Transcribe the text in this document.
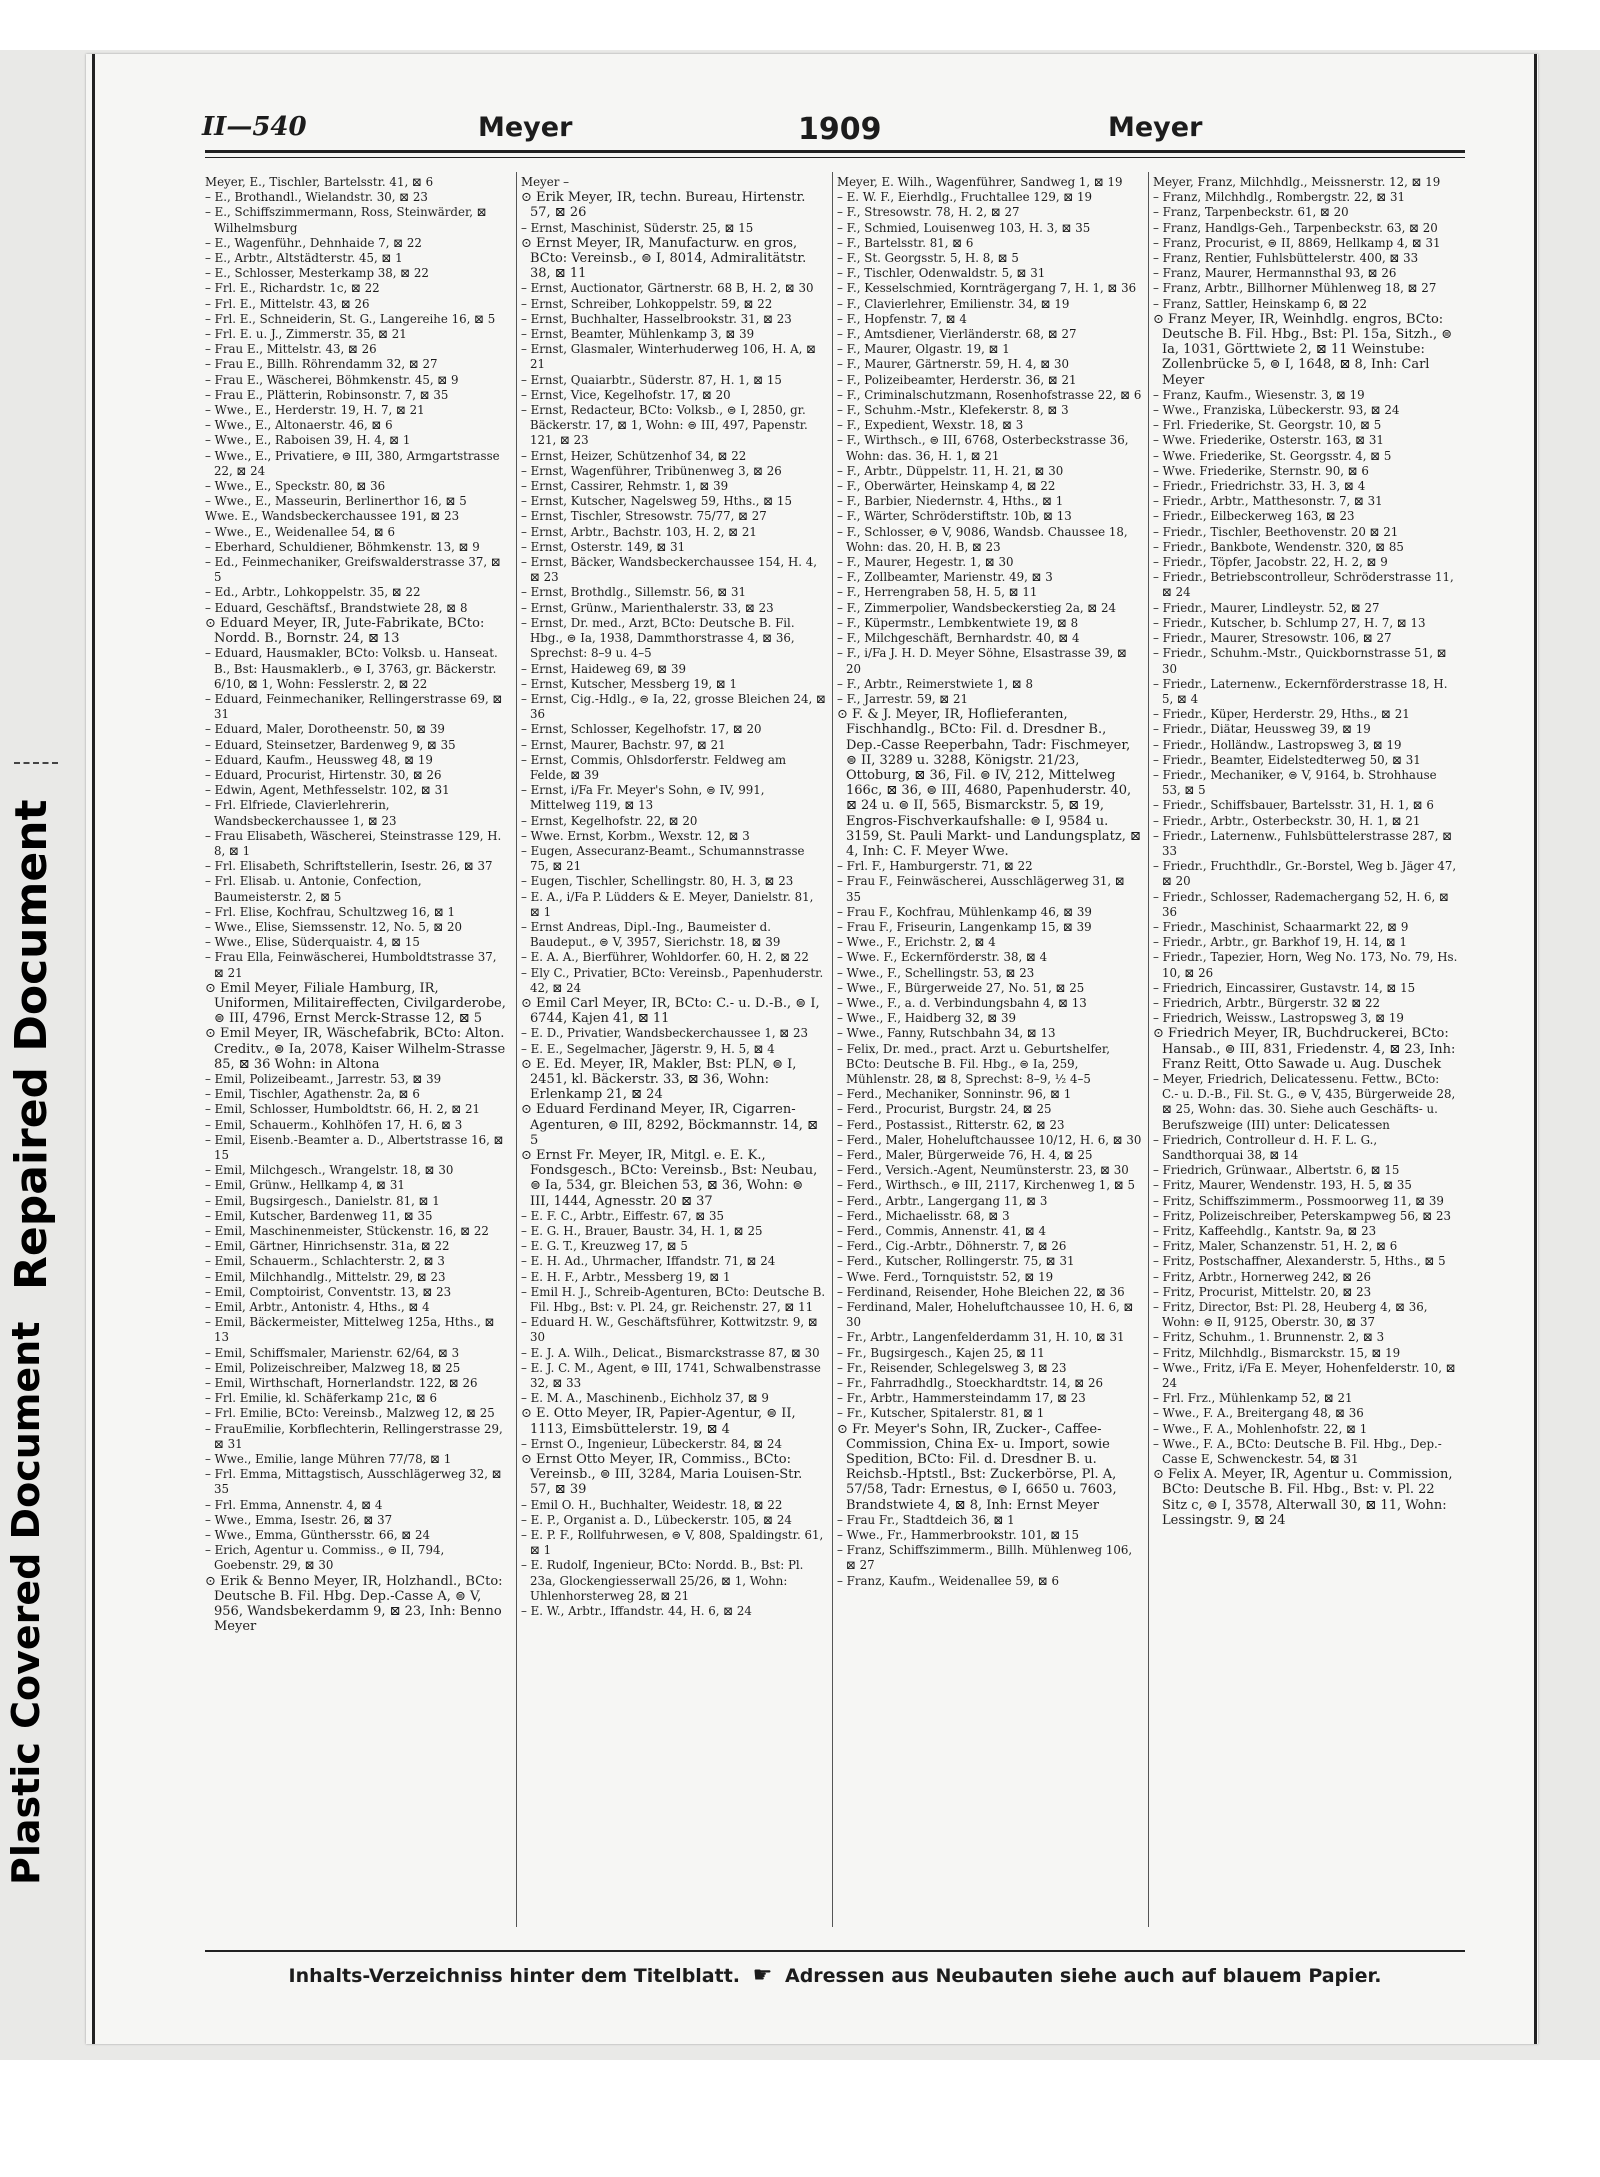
Plastic Covered Document
Repaired Document
II—540	Meyer	1909	Meyer

Meyer, E., Tischler, Bartelsstr. 41, ⊠ 6

– E., Brothandl., Wielandstr. 30, ⊠ 23

– E., Schiffszimmermann, Ross, Steinwärder, ⊠ Wilhelmsburg

– E., Wagenführ., Dehnhaide 7, ⊠ 22

– E., Arbtr., Altstädterstr. 45, ⊠ 1

– E., Schlosser, Mesterkamp 38, ⊠ 22

– Frl. E., Richardstr. 1c, ⊠ 22

– Frl. E., Mittelstr. 43, ⊠ 26

– Frl. E., Schneiderin, St. G., Langereihe 16, ⊠ 5

– Frl. E. u. J., Zimmerstr. 35, ⊠ 21

– Frau E., Mittelstr. 43, ⊠ 26

– Frau E., Billh. Röhrendamm 32, ⊠ 27

– Frau E., Wäscherei, Böhmkenstr. 45, ⊠ 9

– Frau E., Plätterin, Robinsonstr. 7, ⊠ 35

– Wwe., E., Herderstr. 19, H. 7, ⊠ 21

– Wwe., E., Altonaerstr. 46, ⊠ 6

– Wwe., E., Raboisen 39, H. 4, ⊠ 1

– Wwe., E., Privatiere, ⊜ III, 380, Armgartstrasse 22, ⊠ 24

– Wwe., E., Speckstr. 80, ⊠ 36

– Wwe., E., Masseurin, Berlinerthor 16, ⊠ 5

Wwe. E., Wandsbeckerchaussee 191, ⊠ 23

– Wwe., E., Weidenallee 54, ⊠ 6

– Eberhard, Schuldiener, Böhmkenstr. 13, ⊠ 9

– Ed., Feinmechaniker, Greifswalderstrasse 37, ⊠ 5

– Ed., Arbtr., Lohkoppelstr. 35, ⊠ 22

– Eduard, Geschäftsf., Brandstwiete 28, ⊠ 8

⊙ Eduard Meyer, IR, Jute-Fabrikate, BCto: Nordd. B., Bornstr. 24, ⊠ 13

– Eduard, Hausmakler, BCto: Volksb. u. Hanseat. B., Bst: Hausmaklerb., ⊜ I, 3763, gr. Bäckerstr. 6/10, ⊠ 1, Wohn: Fesslerstr. 2, ⊠ 22

– Eduard, Feinmechaniker, Rellingerstrasse 69, ⊠ 31

– Eduard, Maler, Dorotheenstr. 50, ⊠ 39

– Eduard, Steinsetzer, Bardenweg 9, ⊠ 35

– Eduard, Kaufm., Heussweg 48, ⊠ 19

– Eduard, Procurist, Hirtenstr. 30, ⊠ 26

– Edwin, Agent, Methfesselstr. 102, ⊠ 31

– Frl. Elfriede, Clavierlehrerin, Wandsbeckerchaussee 1, ⊠ 23

– Frau Elisabeth, Wäscherei, Steinstrasse 129, H. 8, ⊠ 1

– Frl. Elisabeth, Schriftstellerin, Isestr. 26, ⊠ 37

– Frl. Elisab. u. Antonie, Confection, Baumeisterstr. 2, ⊠ 5

– Frl. Elise, Kochfrau, Schultzweg 16, ⊠ 1

– Wwe., Elise, Siemssenstr. 12, No. 5, ⊠ 20

– Wwe., Elise, Süderquaistr. 4, ⊠ 15

– Frau Ella, Feinwäscherei, Humboldtstrasse 37, ⊠ 21

⊙ Emil Meyer, Filiale Hamburg, IR, Uniformen, Militaireffecten, Civilgarderobe, ⊜ III, 4796, Ernst Merck-Strasse 12, ⊠ 5

⊙ Emil Meyer, IR, Wäschefabrik, BCto: Alton. Creditv., ⊜ Ia, 2078, Kaiser Wilhelm-Strasse 85, ⊠ 36 Wohn: in Altona

– Emil, Polizeibeamt., Jarrestr. 53, ⊠ 39

– Emil, Tischler, Agathenstr. 2a, ⊠ 6

– Emil, Schlosser, Humboldtstr. 66, H. 2, ⊠ 21

– Emil, Schauerm., Kohlhöfen 17, H. 6, ⊠ 3

– Emil, Eisenb.-Beamter a. D., Albertstrasse 16, ⊠ 15

– Emil, Milchgesch., Wrangelstr. 18, ⊠ 30

– Emil, Grünw., Hellkamp 4, ⊠ 31

– Emil, Bugsirgesch., Danielstr. 81, ⊠ 1

– Emil, Kutscher, Bardenweg 11, ⊠ 35

– Emil, Maschinenmeister, Stückenstr. 16, ⊠ 22

– Emil, Gärtner, Hinrichsenstr. 31a, ⊠ 22

– Emil, Schauerm., Schlachterstr. 2, ⊠ 3

– Emil, Milchhandlg., Mittelstr. 29, ⊠ 23

– Emil, Comptoirist, Conventstr. 13, ⊠ 23

– Emil, Arbtr., Antonistr. 4, Hths., ⊠ 4

– Emil, Bäckermeister, Mittelweg 125a, Hths., ⊠ 13

– Emil, Schiffsmaler, Marienstr. 62/64, ⊠ 3

– Emil, Polizeischreiber, Malzweg 18, ⊠ 25

– Emil, Wirthschaft, Hornerlandstr. 122, ⊠ 26

– Frl. Emilie, kl. Schäferkamp 21c, ⊠ 6

– Frl. Emilie, BCto: Vereinsb., Malzweg 12, ⊠ 25

– FrauEmilie, Korbflechterin, Rellingerstrasse 29, ⊠ 31

– Wwe., Emilie, lange Mühren 77/78, ⊠ 1

– Frl. Emma, Mittagstisch, Ausschlägerweg 32, ⊠ 35

– Frl. Emma, Annenstr. 4, ⊠ 4

– Wwe., Emma, Isestr. 26, ⊠ 37

– Wwe., Emma, Günthersstr. 66, ⊠ 24

– Erich, Agentur u. Commiss., ⊜ II, 794, Goebenstr. 29, ⊠ 30

⊙ Erik & Benno Meyer, IR, Holzhandl., BCto: Deutsche B. Fil. Hbg. Dep.-Casse A, ⊜ V, 956, Wandsbekerdamm 9, ⊠ 23, Inh: Benno Meyer

Meyer –

⊙ Erik Meyer, IR, techn. Bureau, Hirtenstr. 57, ⊠ 26

– Ernst, Maschinist, Süderstr. 25, ⊠ 15

⊙ Ernst Meyer, IR, Manufacturw. en gros, BCto: Vereinsb., ⊜ I, 8014, Admiralitätstr. 38, ⊠ 11

– Ernst, Auctionator, Gärtnerstr. 68 B, H. 2, ⊠ 30

– Ernst, Schreiber, Lohkoppelstr. 59, ⊠ 22

– Ernst, Buchhalter, Hasselbrookstr. 31, ⊠ 23

– Ernst, Beamter, Mühlenkamp 3, ⊠ 39

– Ernst, Glasmaler, Winterhuderweg 106, H. A, ⊠ 21

– Ernst, Quaiarbtr., Süderstr. 87, H. 1, ⊠ 15

– Ernst, Vice, Kegelhofstr. 17, ⊠ 20

– Ernst, Redacteur, BCto: Volksb., ⊜ I, 2850, gr. Bäckerstr. 17, ⊠ 1, Wohn: ⊜ III, 497, Papenstr. 121, ⊠ 23

– Ernst, Heizer, Schützenhof 34, ⊠ 22

– Ernst, Wagenführer, Tribünenweg 3, ⊠ 26

– Ernst, Cassirer, Rehmstr. 1, ⊠ 39

– Ernst, Kutscher, Nagelsweg 59, Hths., ⊠ 15

– Ernst, Tischler, Stresowstr. 75/77, ⊠ 27

– Ernst, Arbtr., Bachstr. 103, H. 2, ⊠ 21

– Ernst, Osterstr. 149, ⊠ 31

– Ernst, Bäcker, Wandsbeckerchaussee 154, H. 4, ⊠ 23

– Ernst, Brothdlg., Sillemstr. 56, ⊠ 31

– Ernst, Grünw., Marienthalerstr. 33, ⊠ 23

– Ernst, Dr. med., Arzt, BCto: Deutsche B. Fil. Hbg., ⊜ Ia, 1938, Dammthorstrasse 4, ⊠ 36, Sprechst: 8–9 u. 4–5

– Ernst, Haideweg 69, ⊠ 39

– Ernst, Kutscher, Messberg 19, ⊠ 1

– Ernst, Cig.-Hdlg., ⊜ Ia, 22, grosse Bleichen 24, ⊠ 36

– Ernst, Schlosser, Kegelhofstr. 17, ⊠ 20

– Ernst, Maurer, Bachstr. 97, ⊠ 21

– Ernst, Commis, Ohlsdorferstr. Feldweg am Felde, ⊠ 39

– Ernst, i/Fa Fr. Meyer's Sohn, ⊜ IV, 991, Mittelweg 119, ⊠ 13

– Ernst, Kegelhofstr. 22, ⊠ 20

– Wwe. Ernst, Korbm., Wexstr. 12, ⊠ 3

– Eugen, Assecuranz-Beamt., Schumannstrasse 75, ⊠ 21

– Eugen, Tischler, Schellingstr. 80, H. 3, ⊠ 23

– E. A., i/Fa P. Lüdders & E. Meyer, Danielstr. 81, ⊠ 1

– Ernst Andreas, Dipl.-Ing., Baumeister d. Baudeput., ⊜ V, 3957, Sierichstr. 18, ⊠ 39

– E. A. A., Bierführer, Wohldorfer. 60, H. 2, ⊠ 22

– Ely C., Privatier, BCto: Vereinsb., Papenhuderstr. 42, ⊠ 24

⊙ Emil Carl Meyer, IR, BCto: C.- u. D.-B., ⊜ I, 6744, Kajen 41, ⊠ 11

– E. D., Privatier, Wandsbeckerchaussee 1, ⊠ 23

– E. E., Segelmacher, Jägerstr. 9, H. 5, ⊠ 4

⊙ E. Ed. Meyer, IR, Makler, Bst: PLN, ⊜ I, 2451, kl. Bäckerstr. 33, ⊠ 36, Wohn: Erlenkamp 21, ⊠ 24

⊙ Eduard Ferdinand Meyer, IR, Cigarren-Agenturen, ⊜ III, 8292, Böckmannstr. 14, ⊠ 5

⊙ Ernst Fr. Meyer, IR, Mitgl. e. E. K., Fondsgesch., BCto: Vereinsb., Bst: Neubau, ⊜ Ia, 534, gr. Bleichen 53, ⊠ 36, Wohn: ⊜ III, 1444, Agnesstr. 20 ⊠ 37

– E. F. C., Arbtr., Eiffestr. 67, ⊠ 35

– E. G. H., Brauer, Baustr. 34, H. 1, ⊠ 25

– E. G. T., Kreuzweg 17, ⊠ 5

– E. H. Ad., Uhrmacher, Iffandstr. 71, ⊠ 24

– E. H. F., Arbtr., Messberg 19, ⊠ 1

– Emil H. J., Schreib-Agenturen, BCto: Deutsche B. Fil. Hbg., Bst: v. Pl. 24, gr. Reichenstr. 27, ⊠ 11

– Eduard H. W., Geschäftsführer, Kottwitzstr. 9, ⊠ 30

– E. J. A. Wilh., Delicat., Bismarckstrasse 87, ⊠ 30

– E. J. C. M., Agent, ⊜ III, 1741, Schwalbenstrasse 32, ⊠ 33

– E. M. A., Maschinenb., Eichholz 37, ⊠ 9

⊙ E. Otto Meyer, IR, Papier-Agentur, ⊜ II, 1113, Eimsbüttelerstr. 19, ⊠ 4

– Ernst O., Ingenieur, Lübeckerstr. 84, ⊠ 24

⊙ Ernst Otto Meyer, IR, Commiss., BCto: Vereinsb., ⊜ III, 3284, Maria Louisen-Str. 57, ⊠ 39

– Emil O. H., Buchhalter, Weidestr. 18, ⊠ 22

– E. P., Organist a. D., Lübeckerstr. 105, ⊠ 24

– E. P. F., Rollfuhrwesen, ⊜ V, 808, Spaldingstr. 61, ⊠ 1

– E. Rudolf, Ingenieur, BCto: Nordd. B., Bst: Pl. 23a, Glockengiesserwall 25/26, ⊠ 1, Wohn: Uhlenhorsterweg 28, ⊠ 21

– E. W., Arbtr., Iffandstr. 44, H. 6, ⊠ 24

Meyer, E. Wilh., Wagenführer, Sandweg 1, ⊠ 19

– E. W. F., Eierhdlg., Fruchtallee 129, ⊠ 19

– F., Stresowstr. 78, H. 2, ⊠ 27

– F., Schmied, Louisenweg 103, H. 3, ⊠ 35

– F., Bartelsstr. 81, ⊠ 6

– F., St. Georgsstr. 5, H. 8, ⊠ 5

– F., Tischler, Odenwaldstr. 5, ⊠ 31

– F., Kesselschmied, Kornträgergang 7, H. 1, ⊠ 36

– F., Clavierlehrer, Emilienstr. 34, ⊠ 19

– F., Hopfenstr. 7, ⊠ 4

– F., Amtsdiener, Vierländerstr. 68, ⊠ 27

– F., Maurer, Olgastr. 19, ⊠ 1

– F., Maurer, Gärtnerstr. 59, H. 4, ⊠ 30

– F., Polizeibeamter, Herderstr. 36, ⊠ 21

– F., Criminalschutzmann, Rosenhofstrasse 22, ⊠ 6

– F., Schuhm.-Mstr., Klefekerstr. 8, ⊠ 3

– F., Expedient, Wexstr. 18, ⊠ 3

– F., Wirthsch., ⊜ III, 6768, Osterbeckstrasse 36, Wohn: das. 36, H. 1, ⊠ 21

– F., Arbtr., Düppelstr. 11, H. 21, ⊠ 30

– F., Oberwärter, Heinskamp 4, ⊠ 22

– F., Barbier, Niedernstr. 4, Hths., ⊠ 1

– F., Wärter, Schröderstiftstr. 10b, ⊠ 13

– F., Schlosser, ⊜ V, 9086, Wandsb. Chaussee 18, Wohn: das. 20, H. B, ⊠ 23

– F., Maurer, Hegestr. 1, ⊠ 30

– F., Zollbeamter, Marienstr. 49, ⊠ 3

– F., Herrengraben 58, H. 5, ⊠ 11

– F., Zimmerpolier, Wandsbeckerstieg 2a, ⊠ 24

– F., Küpermstr., Lembkentwiete 19, ⊠ 8

– F., Milchgeschäft, Bernhardstr. 40, ⊠ 4

– F., i/Fa J. H. D. Meyer Söhne, Elsastrasse 39, ⊠ 20

– F., Arbtr., Reimerstwiete 1, ⊠ 8

– F., Jarrestr. 59, ⊠ 21

⊙ F. & J. Meyer, IR, Hoflieferanten, Fischhandlg., BCto: Fil. d. Dresdner B., Dep.-Casse Reeperbahn, Tadr: Fischmeyer, ⊜ II, 3289 u. 3288, Königstr. 21/23, Ottoburg, ⊠ 36, Fil. ⊜ IV, 212, Mittelweg 166c, ⊠ 36, ⊜ III, 4680, Papenhuderstr. 40, ⊠ 24 u. ⊜ II, 565, Bismarckstr. 5, ⊠ 19, Engros-Fischverkaufshalle: ⊜ I, 9584 u. 3159, St. Pauli Markt- und Landungsplatz, ⊠ 4, Inh: C. F. Meyer Wwe.

– Frl. F., Hamburgerstr. 71, ⊠ 22

– Frau F., Feinwäscherei, Ausschlägerweg 31, ⊠ 35

– Frau F., Kochfrau, Mühlenkamp 46, ⊠ 39

– Frau F., Friseurin, Langenkamp 15, ⊠ 39

– Wwe., F., Erichstr. 2, ⊠ 4

– Wwe. F., Eckernförderstr. 38, ⊠ 4

– Wwe., F., Schellingstr. 53, ⊠ 23

– Wwe., F., Bürgerweide 27, No. 51, ⊠ 25

– Wwe., F., a. d. Verbindungsbahn 4, ⊠ 13

– Wwe., F., Haidberg 32, ⊠ 39

– Wwe., Fanny, Rutschbahn 34, ⊠ 13

– Felix, Dr. med., pract. Arzt u. Geburtshelfer, BCto: Deutsche B. Fil. Hbg., ⊜ Ia, 259, Mühlenstr. 28, ⊠ 8, Sprechst: 8–9, ½ 4–5

– Ferd., Mechaniker, Sonninstr. 96, ⊠ 1

– Ferd., Procurist, Burgstr. 24, ⊠ 25

– Ferd., Postassist., Ritterstr. 62, ⊠ 23

– Ferd., Maler, Hoheluftchaussee 10/12, H. 6, ⊠ 30

– Ferd., Maler, Bürgerweide 76, H. 4, ⊠ 25

– Ferd., Versich.-Agent, Neumünsterstr. 23, ⊠ 30

– Ferd., Wirthsch., ⊜ III, 2117, Kirchenweg 1, ⊠ 5

– Ferd., Arbtr., Langergang 11, ⊠ 3

– Ferd., Michaelisstr. 68, ⊠ 3

– Ferd., Commis, Annenstr. 41, ⊠ 4

– Ferd., Cig.-Arbtr., Döhnerstr. 7, ⊠ 26

– Ferd., Kutscher, Rollingerstr. 75, ⊠ 31

– Wwe. Ferd., Tornquiststr. 52, ⊠ 19

– Ferdinand, Reisender, Hohe Bleichen 22, ⊠ 36

– Ferdinand, Maler, Hoheluftchaussee 10, H. 6, ⊠ 30

– Fr., Arbtr., Langenfelderdamm 31, H. 10, ⊠ 31

– Fr., Bugsirgesch., Kajen 25, ⊠ 11

– Fr., Reisender, Schlegelsweg 3, ⊠ 23

– Fr., Fahrradhdlg., Stoeckhardtstr. 14, ⊠ 26

– Fr., Arbtr., Hammersteindamm 17, ⊠ 23

– Fr., Kutscher, Spitalerstr. 81, ⊠ 1

⊙ Fr. Meyer's Sohn, IR, Zucker-, Caffee-Commission, China Ex- u. Import, sowie Spedition, BCto: Fil. d. Dresdner B. u. Reichsb.-Hptstl., Bst: Zuckerbörse, Pl. A, 57/58, Tadr: Ernestus, ⊜ I, 6650 u. 7603, Brandstwiete 4, ⊠ 8, Inh: Ernst Meyer

– Frau Fr., Stadtdeich 36, ⊠ 1

– Wwe., Fr., Hammerbrookstr. 101, ⊠ 15

– Franz, Schiffszimmerm., Billh. Mühlenweg 106, ⊠ 27

– Franz, Kaufm., Weidenallee 59, ⊠ 6

Meyer, Franz, Milchhdlg., Meissnerstr. 12, ⊠ 19

– Franz, Milchhdlg., Rombergstr. 22, ⊠ 31

– Franz, Tarpenbeckstr. 61, ⊠ 20

– Franz, Handlgs-Geh., Tarpenbeckstr. 63, ⊠ 20

– Franz, Procurist, ⊜ II, 8869, Hellkamp 4, ⊠ 31

– Franz, Rentier, Fuhlsbüttelerstr. 400, ⊠ 33

– Franz, Maurer, Hermannsthal 93, ⊠ 26

– Franz, Arbtr., Billhorner Mühlenweg 18, ⊠ 27

– Franz, Sattler, Heinskamp 6, ⊠ 22

⊙ Franz Meyer, IR, Weinhdlg. engros, BCto: Deutsche B. Fil. Hbg., Bst: Pl. 15a, Sitzh., ⊜ Ia, 1031, Görttwiete 2, ⊠ 11 Weinstube: Zollenbrücke 5, ⊜ I, 1648, ⊠ 8, Inh: Carl Meyer

– Franz, Kaufm., Wiesenstr. 3, ⊠ 19

– Wwe., Franziska, Lübeckerstr. 93, ⊠ 24

– Frl. Friederike, St. Georgstr. 10, ⊠ 5

– Wwe. Friederike, Osterstr. 163, ⊠ 31

– Wwe. Friederike, St. Georgsstr. 4, ⊠ 5

– Wwe. Friederike, Sternstr. 90, ⊠ 6

– Friedr., Friedrichstr. 33, H. 3, ⊠ 4

– Friedr., Arbtr., Matthesonstr. 7, ⊠ 31

– Friedr., Eilbeckerweg 163, ⊠ 23

– Friedr., Tischler, Beethovenstr. 20 ⊠ 21

– Friedr., Bankbote, Wendenstr. 320, ⊠ 85

– Friedr., Töpfer, Jacobstr. 22, H. 2, ⊠ 9

– Friedr., Betriebscontrolleur, Schröderstrasse 11, ⊠ 24

– Friedr., Maurer, Lindleystr. 52, ⊠ 27

– Friedr., Kutscher, b. Schlump 27, H. 7, ⊠ 13

– Friedr., Maurer, Stresowstr. 106, ⊠ 27

– Friedr., Schuhm.-Mstr., Quickbornstrasse 51, ⊠ 30

– Friedr., Laternenw., Eckernförderstrasse 18, H. 5, ⊠ 4

– Friedr., Küper, Herderstr. 29, Hths., ⊠ 21

– Friedr., Diätar, Heussweg 39, ⊠ 19

– Friedr., Holländw., Lastropsweg 3, ⊠ 19

– Friedr., Beamter, Eidelstedterweg 50, ⊠ 31

– Friedr., Mechaniker, ⊜ V, 9164, b. Strohhause 53, ⊠ 5

– Friedr., Schiffsbauer, Bartelsstr. 31, H. 1, ⊠ 6

– Friedr., Arbtr., Osterbeckstr. 30, H. 1, ⊠ 21

– Friedr., Laternenw., Fuhlsbüttelerstrasse 287, ⊠ 33

– Friedr., Fruchthdlr., Gr.-Borstel, Weg b. Jäger 47, ⊠ 20

– Friedr., Schlosser, Rademachergang 52, H. 6, ⊠ 36

– Friedr., Maschinist, Schaarmarkt 22, ⊠ 9

– Friedr., Arbtr., gr. Barkhof 19, H. 14, ⊠ 1

– Friedr., Tapezier, Horn, Weg No. 173, No. 79, Hs. 10, ⊠ 26

– Friedrich, Eincassirer, Gustavstr. 14, ⊠ 15

– Friedrich, Arbtr., Bürgerstr. 32 ⊠ 22

– Friedrich, Weissw., Lastropsweg 3, ⊠ 19

⊙ Friedrich Meyer, IR, Buchdruckerei, BCto: Hansab., ⊜ III, 831, Friedenstr. 4, ⊠ 23, Inh: Franz Reitt, Otto Sawade u. Aug. Duschek

– Meyer, Friedrich, Delicatessenu. Fettw., BCto: C.- u. D.-B., Fil. St. G., ⊜ V, 435, Bürgerweide 28, ⊠ 25, Wohn: das. 30. Siehe auch Geschäfts- u. Berufszweige (III) unter: Delicatessen

– Friedrich, Controlleur d. H. F. L. G., Sandthorquai 38, ⊠ 14

– Friedrich, Grünwaar., Albertstr. 6, ⊠ 15

– Fritz, Maurer, Wendenstr. 193, H. 5, ⊠ 35

– Fritz, Schiffszimmerm., Possmoorweg 11, ⊠ 39

– Fritz, Polizeischreiber, Peterskampweg 56, ⊠ 23

– Fritz, Kaffeehdlg., Kantstr. 9a, ⊠ 23

– Fritz, Maler, Schanzenstr. 51, H. 2, ⊠ 6

– Fritz, Postschaffner, Alexanderstr. 5, Hths., ⊠ 5

– Fritz, Arbtr., Hornerweg 242, ⊠ 26

– Fritz, Procurist, Mittelstr. 20, ⊠ 23

– Fritz, Director, Bst: Pl. 28, Heuberg 4, ⊠ 36, Wohn: ⊜ II, 9125, Oberstr. 30, ⊠ 37

– Fritz, Schuhm., 1. Brunnenstr. 2, ⊠ 3

– Fritz, Milchhdlg., Bismarckstr. 15, ⊠ 19

– Wwe., Fritz, i/Fa E. Meyer, Hohenfelderstr. 10, ⊠ 24

– Frl. Frz., Mühlenkamp 52, ⊠ 21

– Wwe., F. A., Breitergang 48, ⊠ 36

– Wwe., F. A., Mohlenhofstr. 22, ⊠ 1

– Wwe., F. A., BCto: Deutsche B. Fil. Hbg., Dep.-Casse E, Schwenckestr. 54, ⊠ 31

⊙ Felix A. Meyer, IR, Agentur u. Commission, BCto: Deutsche B. Fil. Hbg., Bst: v. Pl. 22 Sitz c, ⊜ I, 3578, Alterwall 30, ⊠ 11, Wohn: Lessingstr. 9, ⊠ 24

Inhalts-Verzeichniss hinter dem Titelblatt. ☛ Adressen aus Neubauten siehe auch auf blauem Papier.
